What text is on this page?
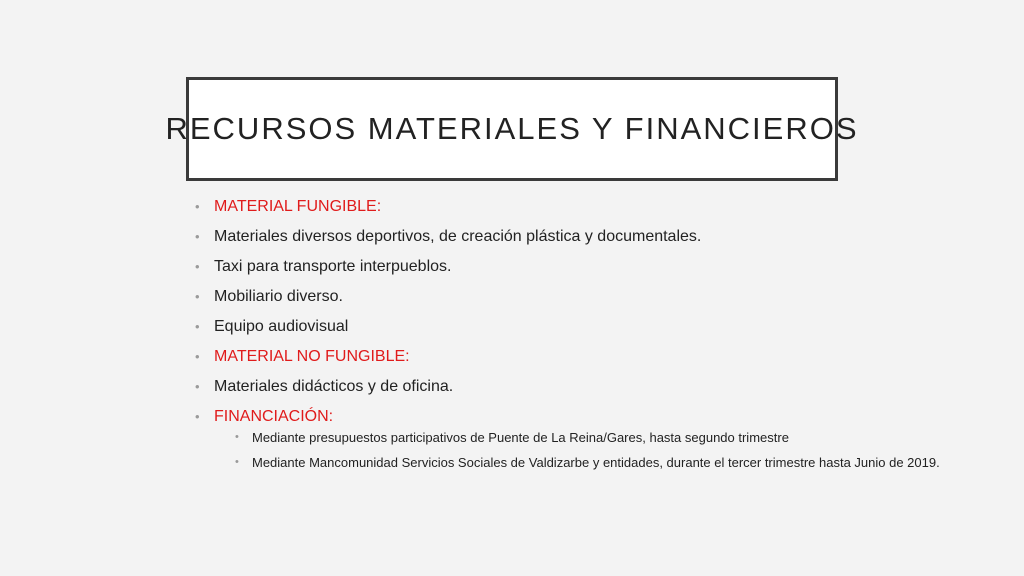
RECURSOS MATERIALES Y FINANCIEROS
• MATERIAL FUNGIBLE:
• Materiales diversos deportivos, de creación plástica y documentales.
• Taxi para transporte interpueblos.
• Mobiliario diverso.
• Equipo audiovisual
• MATERIAL NO FUNGIBLE:
• Materiales didácticos y de oficina.
• FINANCIACIÓN:
• Mediante presupuestos participativos de Puente de La Reina/Gares, hasta segundo trimestre
• Mediante Mancomunidad Servicios Sociales de Valdizarbe y entidades, durante el tercer trimestre hasta Junio de 2019.
